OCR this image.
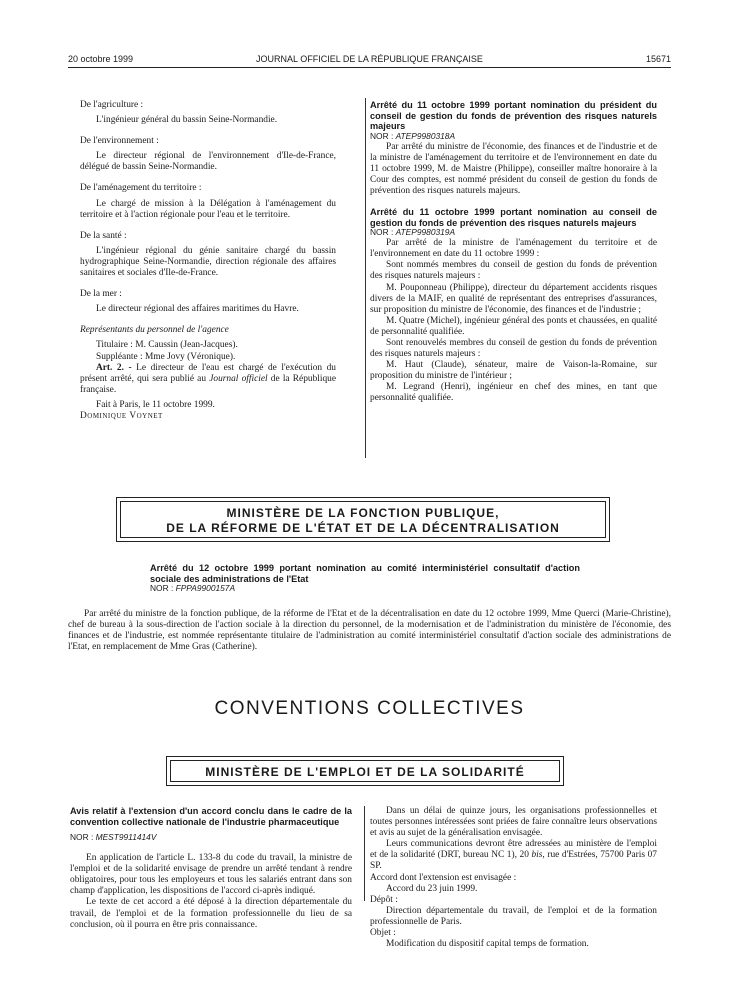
20 octobre 1999	JOURNAL OFFICIEL DE LA RÉPUBLIQUE FRANÇAISE	15671

De l'agriculture :

L'ingénieur général du bassin Seine-Normandie.

De l'environnement :

Le directeur régional de l'environnement d'Ile-de-France, délégué de bassin Seine-Normandie.

De l'aménagement du territoire :

Le chargé de mission à la Délégation à l'aménagement du territoire et à l'action régionale pour l'eau et le territoire.

De la santé :

L'ingénieur régional du génie sanitaire chargé du bassin hydrographique Seine-Normandie, direction régionale des affaires sanitaires et sociales d'Ile-de-France.

De la mer :

Le directeur régional des affaires maritimes du Havre.

Représentants du personnel de l'agence

Titulaire : M. Caussin (Jean-Jacques).

Suppléante : Mme Jovy (Véronique).

Art. 2. - Le directeur de l'eau est chargé de l'exécution du présent arrêté, qui sera publié au Journal officiel de la République française.

Fait à Paris, le 11 octobre 1999.

Dominique Voynet

Arrêté du 11 octobre 1999 portant nomination du président du conseil de gestion du fonds de prévention des risques naturels majeurs

NOR : ATEP9980318A

Par arrêté du ministre de l'économie, des finances et de l'industrie et de la ministre de l'aménagement du territoire et de l'environnement en date du 11 octobre 1999, M. de Maistre (Philippe), conseiller maître honoraire à la Cour des comptes, est nommé président du conseil de gestion du fonds de prévention des risques naturels majeurs.

Arrêté du 11 octobre 1999 portant nomination au conseil de gestion du fonds de prévention des risques naturels majeurs

NOR : ATEP9980319A

Par arrêté de la ministre de l'aménagement du territoire et de l'environnement en date du 11 octobre 1999 :

Sont nommés membres du conseil de gestion du fonds de prévention des risques naturels majeurs :

M. Pouponneau (Philippe), directeur du département accidents risques divers de la MAIF, en qualité de représentant des entreprises d'assurances, sur proposition du ministre de l'économie, des finances et de l'industrie ;

M. Quatre (Michel), ingénieur général des ponts et chaussées, en qualité de personnalité qualifiée.

Sont renouvelés membres du conseil de gestion du fonds de prévention des risques naturels majeurs :

M. Haut (Claude), sénateur, maire de Vaison-la-Romaine, sur proposition du ministre de l'intérieur ;

M. Legrand (Henri), ingénieur en chef des mines, en tant que personnalité qualifiée.

MINISTÈRE DE LA FONCTION PUBLIQUE,
DE LA RÉFORME DE L'ÉTAT ET DE LA DÉCENTRALISATION

Arrêté du 12 octobre 1999 portant nomination au comité interministériel consultatif d'action sociale des administrations de l'Etat

NOR : FPPA9900157A

Par arrêté du ministre de la fonction publique, de la réforme de l'Etat et de la décentralisation en date du 12 octobre 1999, Mme Querci (Marie-Christine), chef de bureau à la sous-direction de l'action sociale à la direction du personnel, de la modernisation et de l'administration du ministère de l'économie, des finances et de l'industrie, est nommée représentante titulaire de l'administration au comité interministériel consultatif d'action sociale des administrations de l'Etat, en remplacement de Mme Gras (Catherine).

CONVENTIONS COLLECTIVES
MINISTÈRE DE L'EMPLOI ET DE LA SOLIDARITÉ

Avis relatif à l'extension d'un accord conclu dans le cadre de la convention collective nationale de l'industrie pharmaceutique

NOR : MESТ9911414V

En application de l'article L. 133-8 du code du travail, la ministre de l'emploi et de la solidarité envisage de prendre un arrêté tendant à rendre obligatoires, pour tous les employeurs et tous les salariés entrant dans son champ d'application, les dispositions de l'accord ci-après indiqué.

Le texte de cet accord a été déposé à la direction départementale du travail, de l'emploi et de la formation professionnelle du lieu de sa conclusion, où il pourra en être pris connaissance.

Dans un délai de quinze jours, les organisations professionnelles et toutes personnes intéressées sont priées de faire connaître leurs observations et avis au sujet de la généralisation envisagée.

Leurs communications devront être adressées au ministère de l'emploi et de la solidarité (DRT, bureau NC 1), 20 bis, rue d'Estrées, 75700 Paris 07 SP.

Accord dont l'extension est envisagée :

Accord du 23 juin 1999.

Dépôt :

Direction départementale du travail, de l'emploi et de la formation professionnelle de Paris.

Objet :

Modification du dispositif capital temps de formation.
